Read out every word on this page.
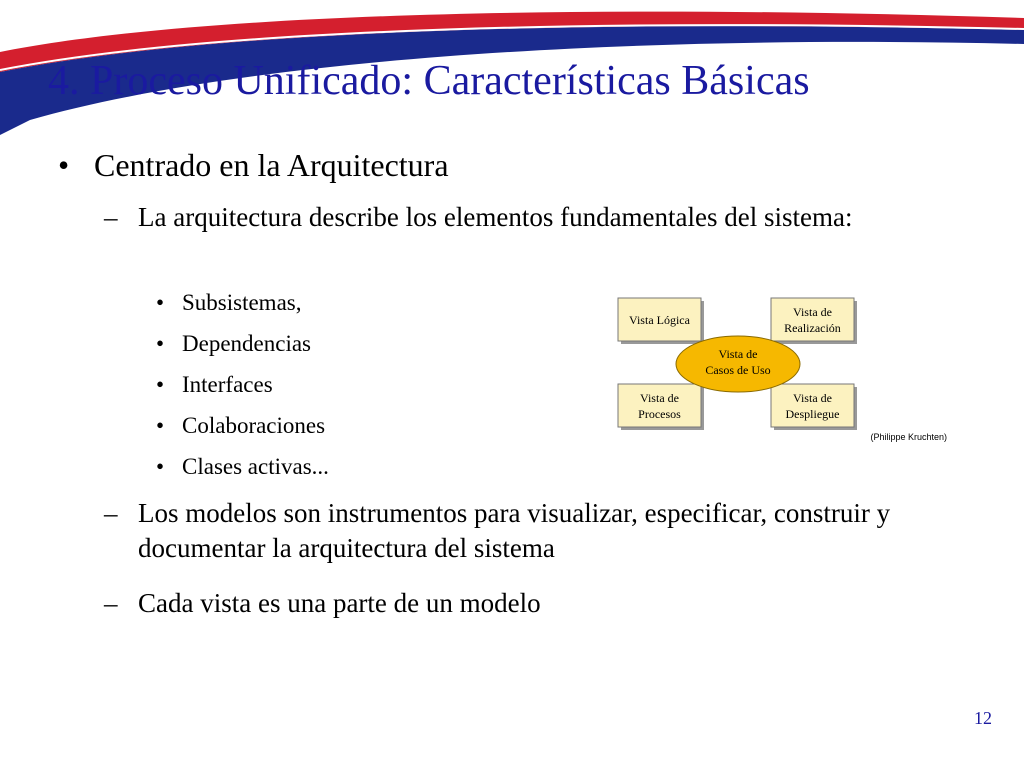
4. Proceso Unificado: Características Básicas
• Centrado en la Arquitectura
– La arquitectura describe los elementos fundamentales del sistema:
• Subsistemas,
• Dependencias
• Interfaces
• Colaboraciones
• Clases activas...
– Los modelos son instrumentos para visualizar, especificar, construir y documentar la arquitectura del sistema
– Cada vista es una parte de un modelo
Vista Lógica
Vista de
Realización
Vista de
Procesos
Vista de
Despliegue
Vista de
Casos de Uso
(Philippe Kruchten)
12
